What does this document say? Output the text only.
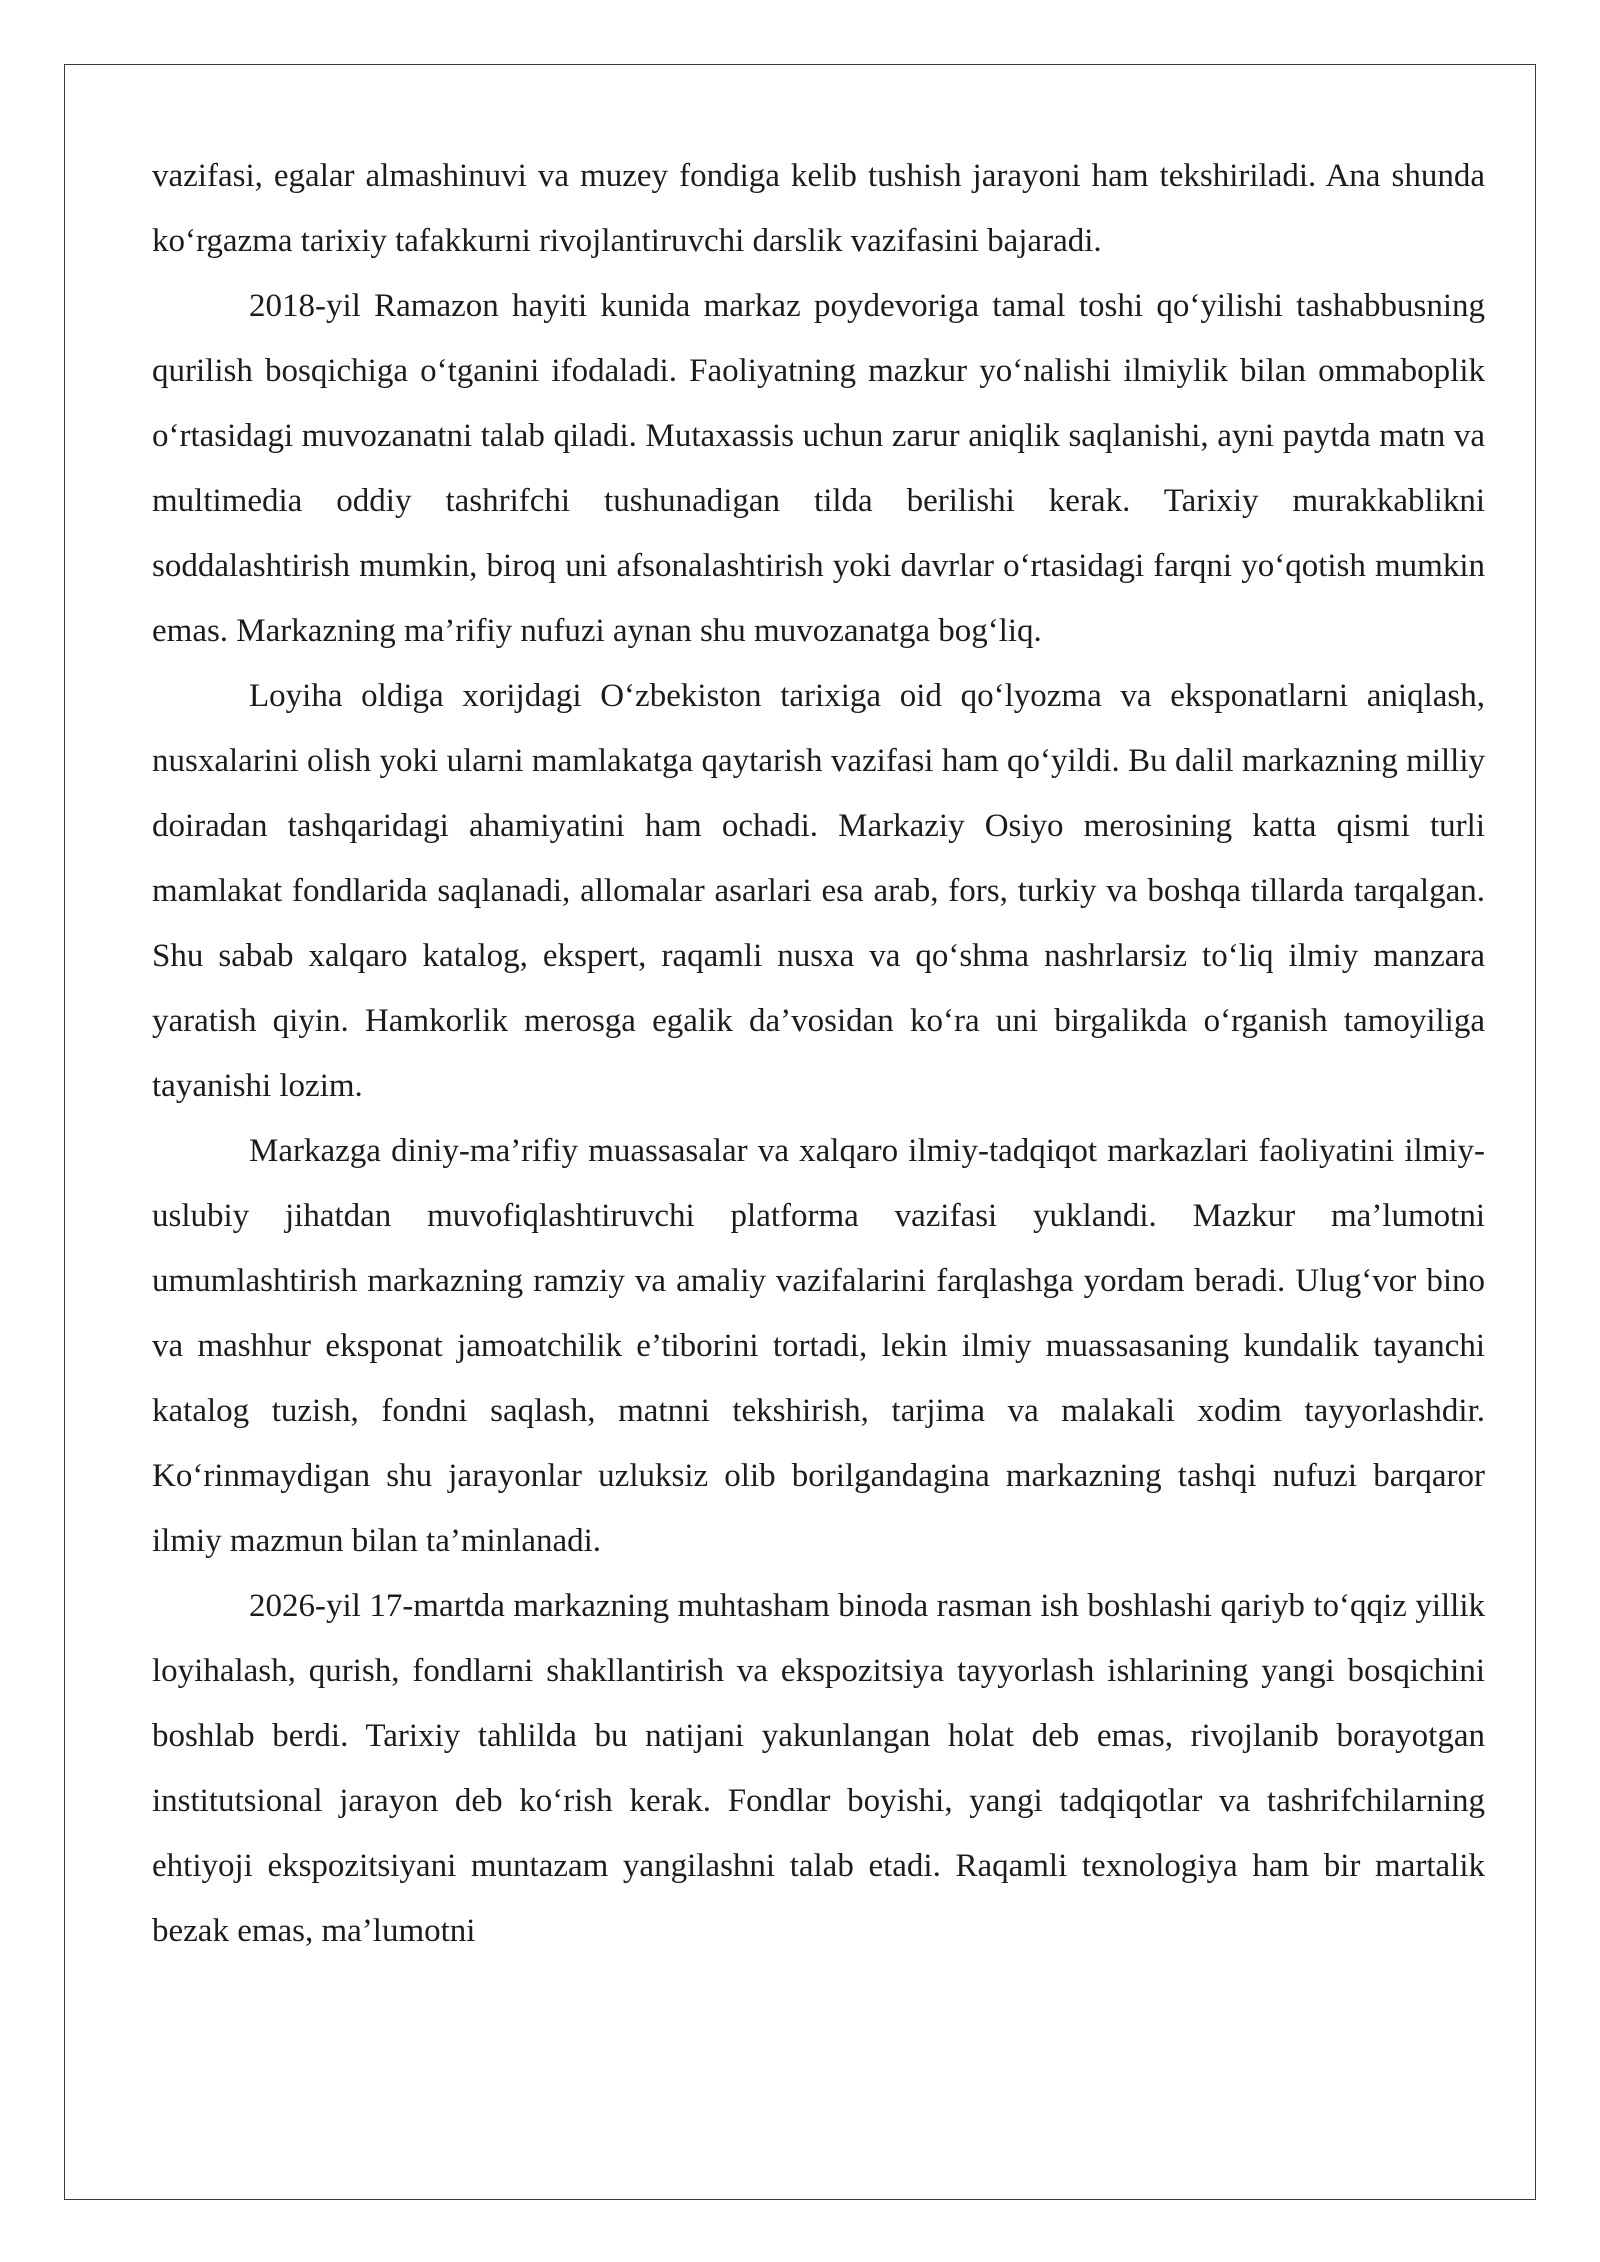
vazifasi, egalar almashinuvi va muzey fondiga kelib tushish jarayoni ham tekshiriladi. Ana shunda ko‘rgazma tarixiy tafakkurni rivojlantiruvchi darslik vazifasini bajaradi.

2018-yil Ramazon hayiti kunida markaz poydevoriga tamal toshi qo‘yilishi tashabbusning qurilish bosqichiga o‘tganini ifodaladi. Faoliyatning mazkur yo‘nalishi ilmiylik bilan ommaboplik o‘rtasidagi muvozanatni talab qiladi. Mutaxassis uchun zarur aniqlik saqlanishi, ayni paytda matn va multimedia oddiy tashrifchi tushunadigan tilda berilishi kerak. Tarixiy murakkablikni soddalashtirish mumkin, biroq uni afsonalashtirish yoki davrlar o‘rtasidagi farqni yo‘qotish mumkin emas. Markazning ma’rifiy nufuzi aynan shu muvozanatga bog‘liq.

Loyiha oldiga xorijdagi O‘zbekiston tarixiga oid qo‘lyozma va eksponatlarni aniqlash, nusxalarini olish yoki ularni mamlakatga qaytarish vazifasi ham qo‘yildi. Bu dalil markazning milliy doiradan tashqaridagi ahamiyatini ham ochadi. Markaziy Osiyo merosining katta qismi turli mamlakat fondlarida saqlanadi, allomalar asarlari esa arab, fors, turkiy va boshqa tillarda tarqalgan. Shu sabab xalqaro katalog, ekspert, raqamli nusxa va qo‘shma nashrlarsiz to‘liq ilmiy manzara yaratish qiyin. Hamkorlik merosga egalik da’vosidan ko‘ra uni birgalikda o‘rganish tamoyiliga tayanishi lozim.

Markazga diniy-ma’rifiy muassasalar va xalqaro ilmiy-tadqiqot markazlari faoliyatini ilmiy-uslubiy jihatdan muvofiqlashtiruvchi platforma vazifasi yuklandi. Mazkur ma’lumotni umumlashtirish markazning ramziy va amaliy vazifalarini farqlashga yordam beradi. Ulug‘vor bino va mashhur eksponat jamoatchilik e’tiborini tortadi, lekin ilmiy muassasaning kundalik tayanchi katalog tuzish, fondni saqlash, matnni tekshirish, tarjima va malakali xodim tayyorlashdir. Ko‘rinmaydigan shu jarayonlar uzluksiz olib borilgandagina markazning tashqi nufuzi barqaror ilmiy mazmun bilan ta’minlanadi.

2026-yil 17-martda markazning muhtasham binoda rasman ish boshlashi qariyb to‘qqiz yillik loyihalash, qurish, fondlarni shakllantirish va ekspozitsiya tayyorlash ishlarining yangi bosqichini boshlab berdi. Tarixiy tahlilda bu natijani yakunlangan holat deb emas, rivojlanib borayotgan institutsional jarayon deb ko‘rish kerak. Fondlar boyishi, yangi tadqiqotlar va tashrifchilarning ehtiyoji ekspozitsiyani muntazam yangilashni talab etadi. Raqamli texnologiya ham bir martalik bezak emas, ma’lumotni
